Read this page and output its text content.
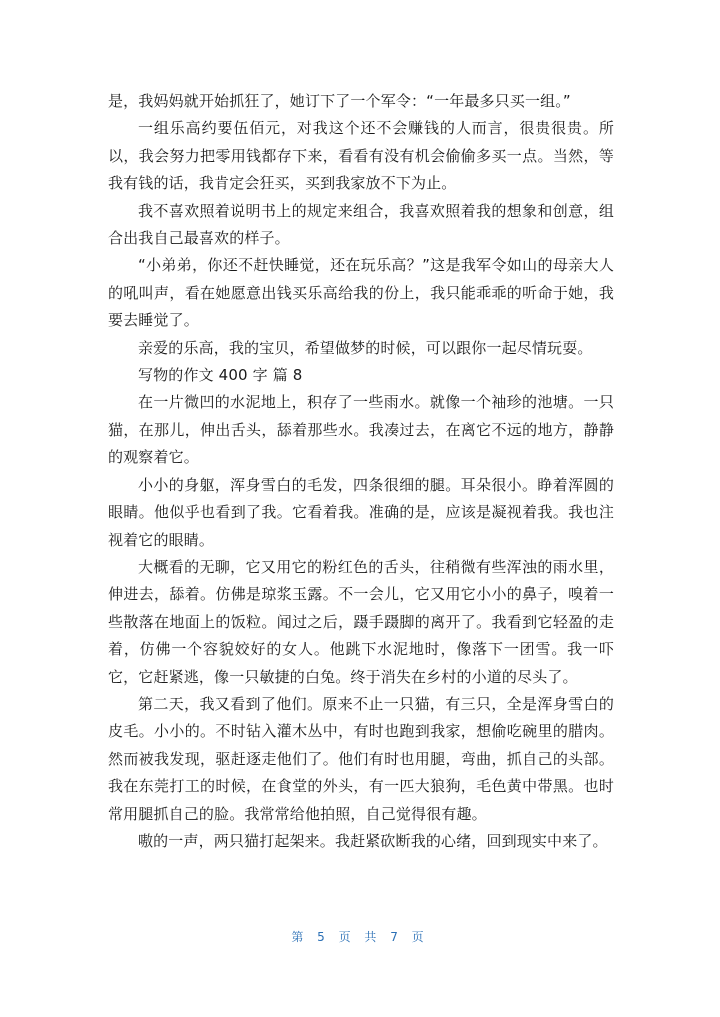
是，我妈妈就开始抓狂了，她订下了一个军令：“一年最多只买一组。”

一组乐高约要伍佰元，对我这个还不会赚钱的人而言，很贵很贵。所以，我会努力把零用钱都存下来，看看有没有机会偷偷多买一点。当然，等我有钱的话，我肯定会狂买，买到我家放不下为止。

我不喜欢照着说明书上的规定来组合，我喜欢照着我的想象和创意，组合出我自己最喜欢的样子。

“小弟弟，你还不赶快睡觉，还在玩乐高？”这是我军令如山的母亲大人的吼叫声，看在她愿意出钱买乐高给我的份上，我只能乖乖的听命于她，我要去睡觉了。

亲爱的乐高，我的宝贝，希望做梦的时候，可以跟你一起尽情玩耍。

写物的作文 400 字 篇 8

在一片微凹的水泥地上，积存了一些雨水。就像一个袖珍的池塘。一只猫，在那儿，伸出舌头，舔着那些水。我凑过去，在离它不远的地方，静静的观察着它。

小小的身躯，浑身雪白的毛发，四条很细的腿。耳朵很小。睁着浑圆的眼睛。他似乎也看到了我。它看着我。准确的是，应该是凝视着我。我也注视着它的眼睛。

大概看的无聊，它又用它的粉红色的舌头，往稍微有些浑浊的雨水里，伸进去，舔着。仿佛是琼浆玉露。不一会儿，它又用它小小的鼻子，嗅着一些散落在地面上的饭粒。闻过之后，蹑手蹑脚的离开了。我看到它轻盈的走着，仿佛一个容貌姣好的女人。他跳下水泥地时，像落下一团雪。我一吓它，它赶紧逃，像一只敏捷的白兔。终于消失在乡村的小道的尽头了。

第二天，我又看到了他们。原来不止一只猫，有三只，全是浑身雪白的皮毛。小小的。不时钻入灌木丛中，有时也跑到我家，想偷吃碗里的腊肉。然而被我发现，驱赶逐走他们了。他们有时也用腿，弯曲，抓自己的头部。我在东莞打工的时候，在食堂的外头，有一匹大狼狗，毛色黄中带黑。也时常用腿抓自己的脸。我常常给他拍照，自己觉得很有趣。

嗷的一声，两只猫打起架来。我赶紧砍断我的心绪，回到现实中来了。

第 5 页 共 7 页
